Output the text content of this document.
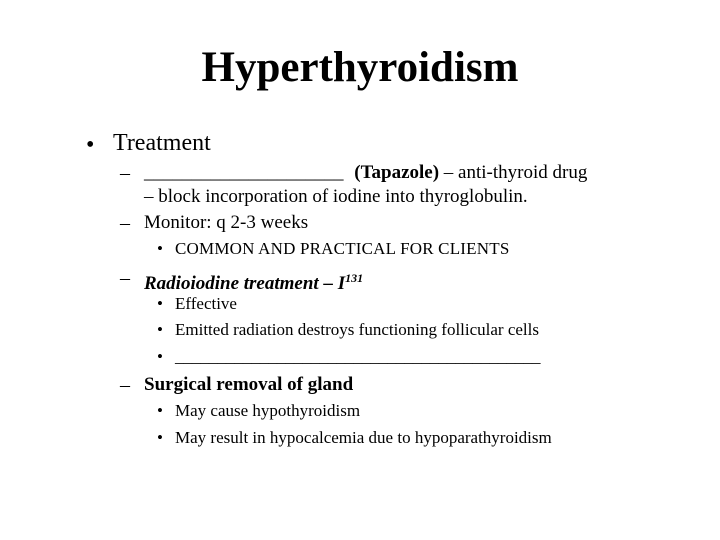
Hyperthyroidism
• Treatment
– _____________________ (Tapazole) – anti-thyroid drug
– block incorporation of iodine into thyroglobulin.
– Monitor: q 2-3 weeks
• COMMON AND PRACTICAL FOR CLIENTS
– Radioiodine treatment – $I^{131}$
• Effective
• Emitted radiation destroys functioning follicular cells
• ___________________________________________
– Surgical removal of gland
• May cause hypothyroidism
• May result in hypocalcemia due to hypoparathyroidism
